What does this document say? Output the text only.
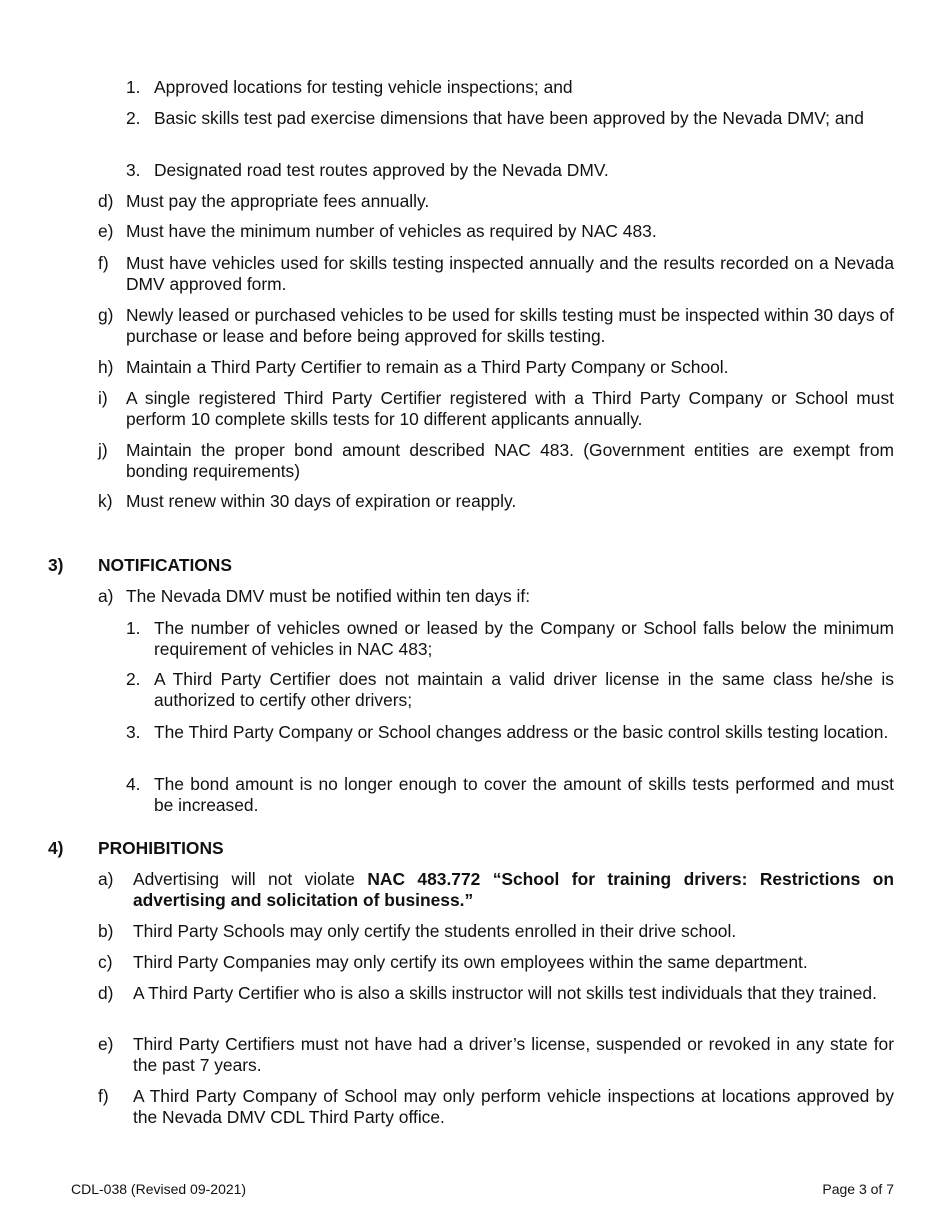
1. Approved locations for testing vehicle inspections; and
2. Basic skills test pad exercise dimensions that have been approved by the Nevada DMV; and
3. Designated road test routes approved by the Nevada DMV.
d) Must pay the appropriate fees annually.
e) Must have the minimum number of vehicles as required by NAC 483.
f) Must have vehicles used for skills testing inspected annually and the results recorded on a Nevada DMV approved form.
g) Newly leased or purchased vehicles to be used for skills testing must be inspected within 30 days of purchase or lease and before being approved for skills testing.
h) Maintain a Third Party Certifier to remain as a Third Party Company or School.
i) A single registered Third Party Certifier registered with a Third Party Company or School must perform 10 complete skills tests for 10 different applicants annually.
j) Maintain the proper bond amount described NAC 483. (Government entities are exempt from bonding requirements)
k) Must renew within 30 days of expiration or reapply.
3) NOTIFICATIONS
a) The Nevada DMV must be notified within ten days if:
1. The number of vehicles owned or leased by the Company or School falls below the minimum requirement of vehicles in NAC 483;
2. A Third Party Certifier does not maintain a valid driver license in the same class he/she is authorized to certify other drivers;
3. The Third Party Company or School changes address or the basic control skills testing location.
4. The bond amount is no longer enough to cover the amount of skills tests performed and must be increased.
4) PROHIBITIONS
a) Advertising will not violate NAC 483.772 “School for training drivers: Restrictions on advertising and solicitation of business.”
b) Third Party Schools may only certify the students enrolled in their drive school.
c) Third Party Companies may only certify its own employees within the same department.
d) A Third Party Certifier who is also a skills instructor will not skills test individuals that they trained.
e) Third Party Certifiers must not have had a driver’s license, suspended or revoked in any state for the past 7 years.
f) A Third Party Company of School may only perform vehicle inspections at locations approved by the Nevada DMV CDL Third Party office.
CDL-038 (Revised 09-2021)	Page 3 of 7
